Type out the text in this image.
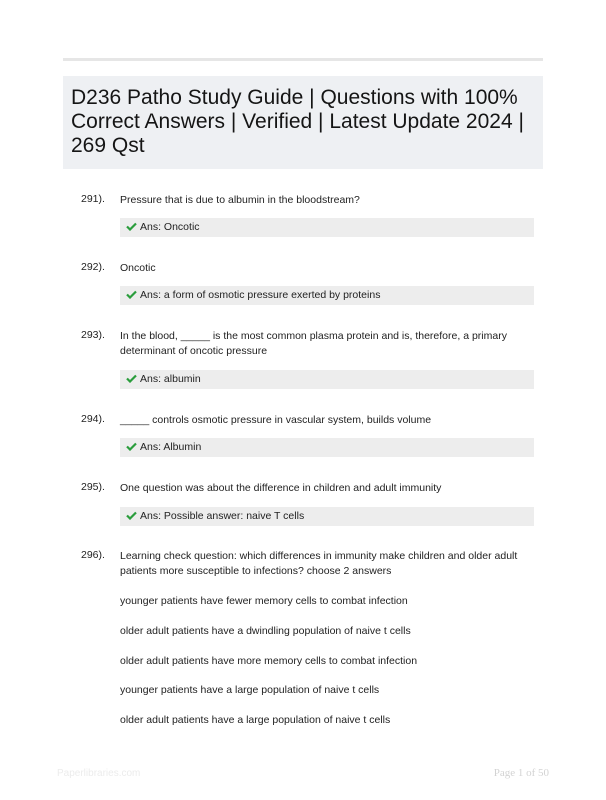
D236 Patho Study Guide | Questions with 100% Correct Answers | Verified | Latest Update 2024 | 269 Qst
291). Pressure that is due to albumin in the bloodstream?
Ans: Oncotic
292). Oncotic
Ans: a form of osmotic pressure exerted by proteins
293). In the blood, _____ is the most common plasma protein and is, therefore, a primary determinant of oncotic pressure
Ans: albumin
294). _____ controls osmotic pressure in vascular system, builds volume
Ans: Albumin
295). One question was about the difference in children and adult immunity
Ans: Possible answer: naive T cells
296). Learning check question: which differences in immunity make children and older adult patients more susceptible to infections? choose 2 answers
younger patients have fewer memory cells to combat infection
older adult patients have a dwindling population of naive t cells
older adult patients have more memory cells to combat infection
younger patients have a large population of naive t cells
older adult patients have a large population of naive t cells
Paperlibraries.com	Page 1 of 50
